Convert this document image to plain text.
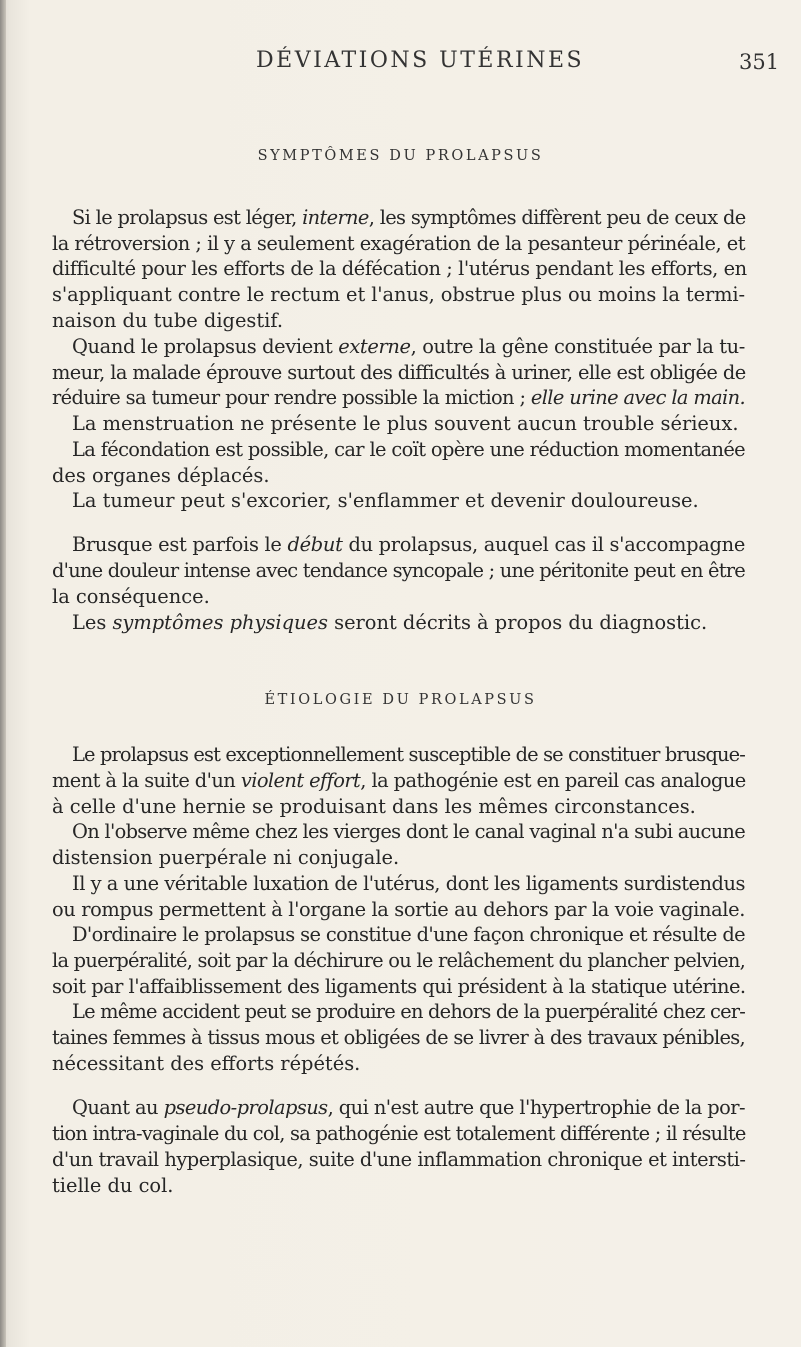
DÉVIATIONS UTÉRINES	351
SYMPTÔMES DU PROLAPSUS
ÉTIOLOGIE DU PROLAPSUS
Si le prolapsus est léger, interne, les symptômes diffèrent peu de ceux de
la rétroversion ; il y a seulement exagération de la pesanteur périnéale, et
difficulté pour les efforts de la défécation ; l'utérus pendant les efforts, en
s'appliquant contre le rectum et l'anus, obstrue plus ou moins la termi-
naison du tube digestif.
Quand le prolapsus devient externe, outre la gêne constituée par la tu-
meur, la malade éprouve surtout des difficultés à uriner, elle est obligée de
réduire sa tumeur pour rendre possible la miction ; elle urine avec la main.
La menstruation ne présente le plus souvent aucun trouble sérieux.
La fécondation est possible, car le coït opère une réduction momentanée
des organes déplacés.
La tumeur peut s'excorier, s'enflammer et devenir douloureuse.
Brusque est parfois le début du prolapsus, auquel cas il s'accompagne
d'une douleur intense avec tendance syncopale ; une péritonite peut en être
la conséquence.
Les symptômes physiques seront décrits à propos du diagnostic.
Le prolapsus est exceptionnellement susceptible de se constituer brusque-
ment à la suite d'un violent effort, la pathogénie est en pareil cas analogue
à celle d'une hernie se produisant dans les mêmes circonstances.
On l'observe même chez les vierges dont le canal vaginal n'a subi aucune
distension puerpérale ni conjugale.
Il y a une véritable luxation de l'utérus, dont les ligaments surdistendus
ou rompus permettent à l'organe la sortie au dehors par la voie vaginale.
D'ordinaire le prolapsus se constitue d'une façon chronique et résulte de
la puerpéralité, soit par la déchirure ou le relâchement du plancher pelvien,
soit par l'affaiblissement des ligaments qui président à la statique utérine.
Le même accident peut se produire en dehors de la puerpéralité chez cer-
taines femmes à tissus mous et obligées de se livrer à des travaux pénibles,
nécessitant des efforts répétés.
Quant au pseudo-prolapsus, qui n'est autre que l'hypertrophie de la por-
tion intra-vaginale du col, sa pathogénie est totalement différente ; il résulte
d'un travail hyperplasique, suite d'une inflammation chronique et intersti-
tielle du col.
